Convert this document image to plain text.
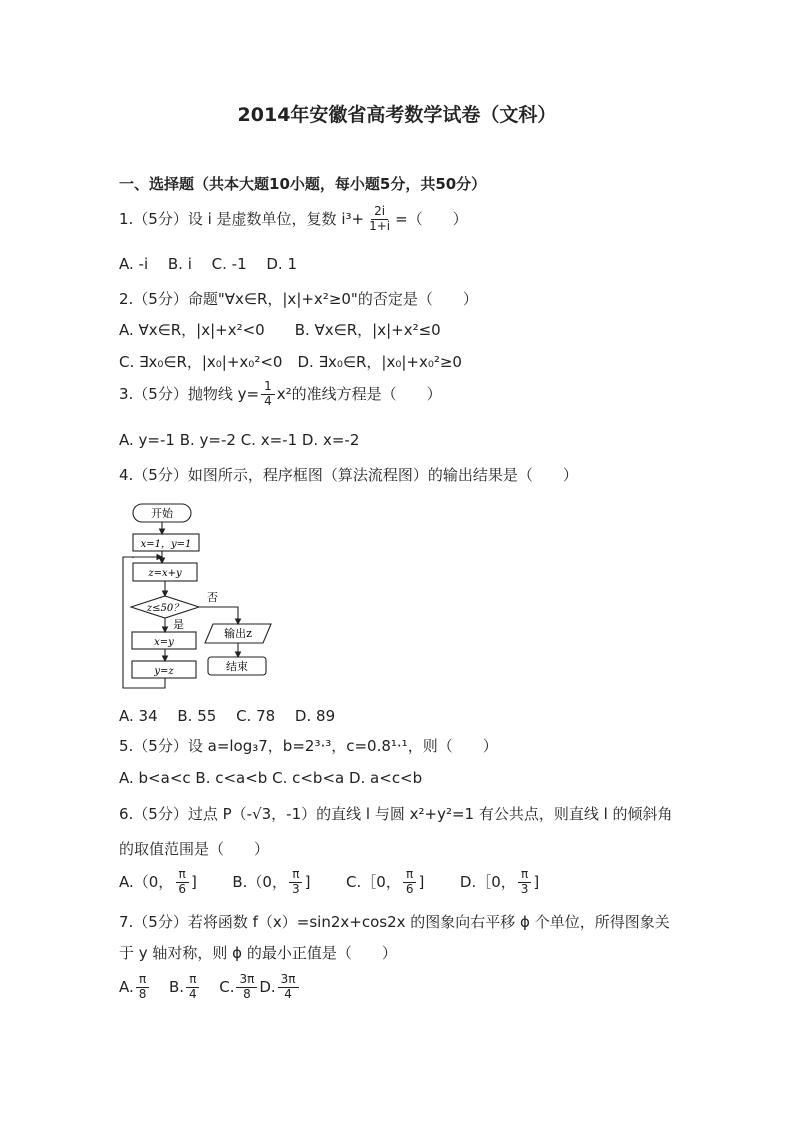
2014年安徽省高考数学试卷（文科）
一、选择题（共本大题10小题，每小题5分，共50分）
1.（5分）设 i 是虚数单位，复数 $i^3+ \frac{2i}{1+i}$ =（　　）
A. -i　 B. i　 C. -1　 D. 1
2.（5分）命题"∀x∈R，|x|+x²≥0"的否定是（　　）
A. ∀x∈R，|x|+x²<0　　B. ∀x∈R，|x|+x²≤0
C. ∃x₀∈R，|x₀|+x₀²<0　D. ∃x₀∈R，|x₀|+x₀²≥0
3.（5分）抛物线 $y= \frac{1}{4} x^2$的准线方程是（　　）
A. y=-1 B. y=-2 C. x=-1 D. x=-2
4.（5分）如图所示，程序框图（算法流程图）的输出结果是（　　）
开始
x=1，y=1
z=x+y
z≤50？
否
是
x=y
y=z
输出z
结束
A. 34　 B. 55　 C. 78　 D. 89
5.（5分）设 a=log₃7，b=2³·³，c=0.8¹·¹，则（　　）
A. b<a<c B. c<a<b C. c<b<a D. a<c<b
6.（5分）过点 P（-√3，-1）的直线 l 与圆 x²+y²=1 有公共点，则直线 l 的倾斜角
的取值范围是（　　）
A.（0， $\frac{\pi}{6}$ ] B.（0， $\frac{\pi}{3}$ ] C.［0， $\frac{\pi}{6}$ ] D.［0， $\frac{\pi}{3}$ ]
7.（5分）若将函数 f（x）=sin2x+cos2x 的图象向右平移 ϕ 个单位，所得图象关
于 y 轴对称，则 ϕ 的最小正值是（　　）
A. $\frac{\pi}{8} B$. $\frac{\pi}{4} C$. $\frac{3\pi}{8} D$. $\frac{3\pi}{4}$
